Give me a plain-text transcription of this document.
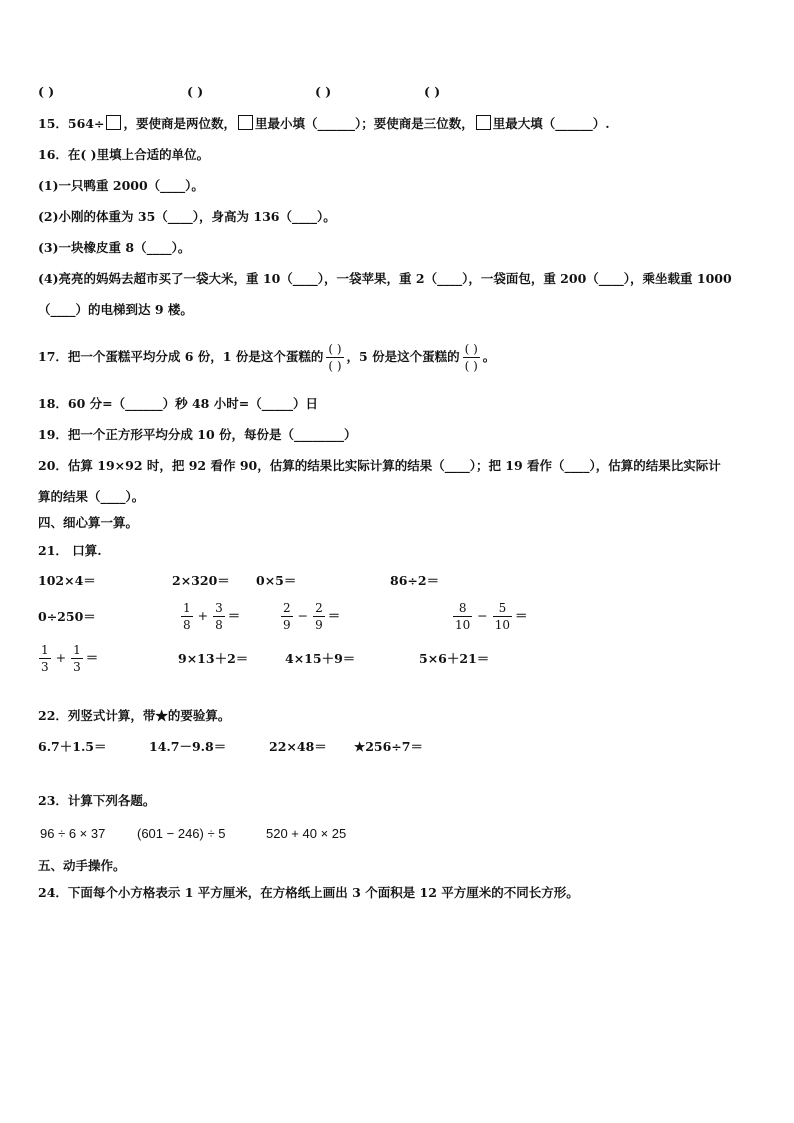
( )	( )	( )	( )
15．564÷ ，要使商是两位数， 里最小填（______）；要使商是三位数， 里最大填（______）.
16．在( )里填上合适的单位。
(1)一只鸭重 2000（____）。
(2)小刚的体重为 35（____），身高为 136（____）。
(3)一块橡皮重 8（____）。
(4)亮亮的妈妈去超市买了一袋大米，重 10（____），一袋苹果，重 2（____），一袋面包，重 200（____），乘坐载重 1000
（____）的电梯到达 9 楼。
17．把一个蛋糕平均分成 6 份，1 份是这个蛋糕的 $\frac{( )}{( )}$ ，5 份是这个蛋糕的 $\frac{( )}{( )}$ 。
18．60 分=（______）秒 48 小时=（_____）日
19．把一个正方形平均分成 10 份，每份是（________）
20．估算 19×92 时，把 92 看作 90，估算的结果比实际计算的结果（____）；把 19 看作（____），估算的结果比实际计
算的结果（____）。
四、细心算一算。
21． 口算.
102×4＝	2×320＝ 0×5＝	86÷2＝
0÷250＝	$\frac{1}{8} + \frac{3}{8}$ ＝	$\frac{2}{9} - \frac{2}{9}$ ＝	$\frac{8}{10} - \frac{5}{10}$ ＝
$\frac{1}{3} + \frac{1}{3}$ ＝	9×13＋2＝	4×15＋9＝	5×6＋21＝
22．列竖式计算，带★的要验算。
6.7＋1.5＝	14.7－9.8＝	22×48＝ ★256÷7＝
23．计算下列各题。
96 ÷ 6 × 37 (601 − 246) ÷ 5	520 + 40 × 25
五、动手操作。
24．下面每个小方格表示 1 平方厘米，在方格纸上画出 3 个面积是 12 平方厘米的不同长方形。
